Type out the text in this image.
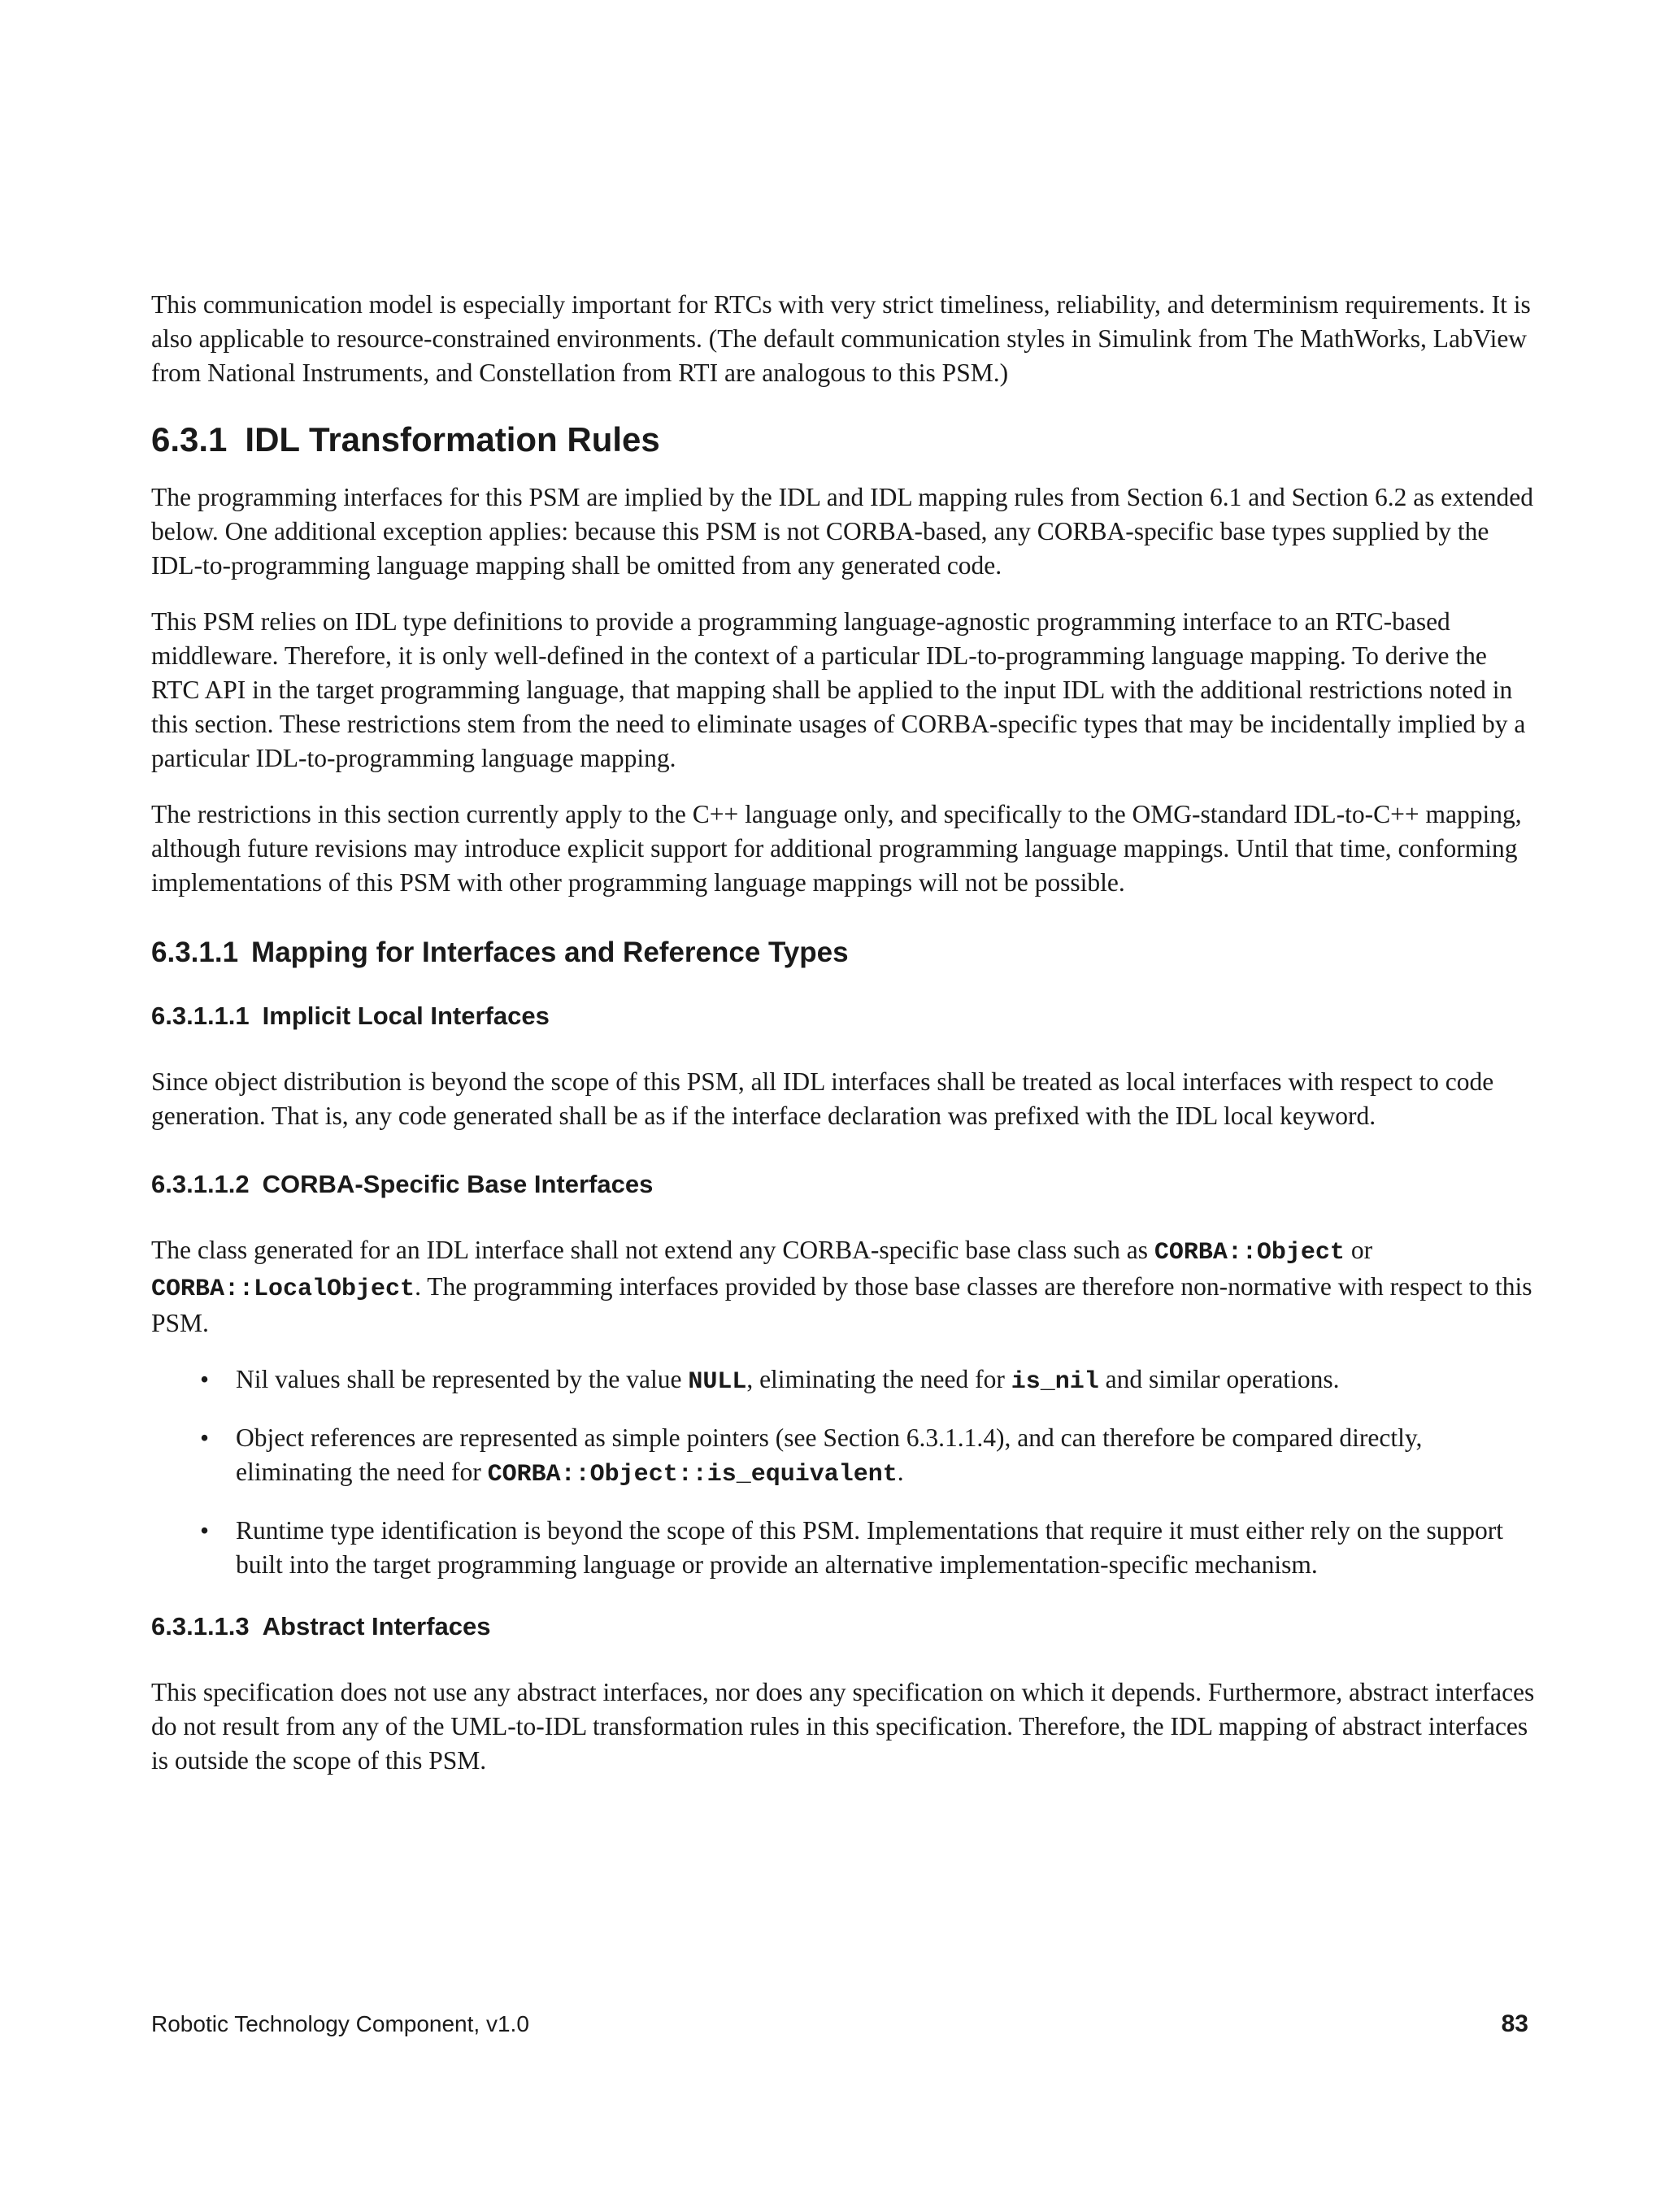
This communication model is especially important for RTCs with very strict timeliness, reliability, and determinism requirements. It is also applicable to resource-constrained environments. (The default communication styles in Simulink from The MathWorks, LabView from National Instruments, and Constellation from RTI are analogous to this PSM.)

6.3.1 IDL Transformation Rules

The programming interfaces for this PSM are implied by the IDL and IDL mapping rules from Section 6.1 and Section 6.2 as extended below. One additional exception applies: because this PSM is not CORBA-based, any CORBA-specific base types supplied by the IDL-to-programming language mapping shall be omitted from any generated code.

This PSM relies on IDL type definitions to provide a programming language-agnostic programming interface to an RTC-based middleware. Therefore, it is only well-defined in the context of a particular IDL-to-programming language mapping. To derive the RTC API in the target programming language, that mapping shall be applied to the input IDL with the additional restrictions noted in this section. These restrictions stem from the need to eliminate usages of CORBA-specific types that may be incidentally implied by a particular IDL-to-programming language mapping.

The restrictions in this section currently apply to the C++ language only, and specifically to the OMG-standard IDL-to-C++ mapping, although future revisions may introduce explicit support for additional programming language mappings. Until that time, conforming implementations of this PSM with other programming language mappings will not be possible.

6.3.1.1 Mapping for Interfaces and Reference Types
6.3.1.1.1 Implicit Local Interfaces

Since object distribution is beyond the scope of this PSM, all IDL interfaces shall be treated as local interfaces with respect to code generation. That is, any code generated shall be as if the interface declaration was prefixed with the IDL local keyword.

6.3.1.1.2 CORBA-Specific Base Interfaces

The class generated for an IDL interface shall not extend any CORBA-specific base class such as CORBA::Object or CORBA::LocalObject. The programming interfaces provided by those base classes are therefore non-normative with respect to this PSM.

• Nil values shall be represented by the value NULL, eliminating the need for is_nil and similar operations.

• Object references are represented as simple pointers (see Section 6.3.1.1.4), and can therefore be compared directly, eliminating the need for CORBA::Object::is_equivalent.

• Runtime type identification is beyond the scope of this PSM. Implementations that require it must either rely on the support built into the target programming language or provide an alternative implementation-specific mechanism.

6.3.1.1.3 Abstract Interfaces

This specification does not use any abstract interfaces, nor does any specification on which it depends. Furthermore, abstract interfaces do not result from any of the UML-to-IDL transformation rules in this specification. Therefore, the IDL mapping of abstract interfaces is outside the scope of this PSM.

Robotic Technology Component, v1.0	83
